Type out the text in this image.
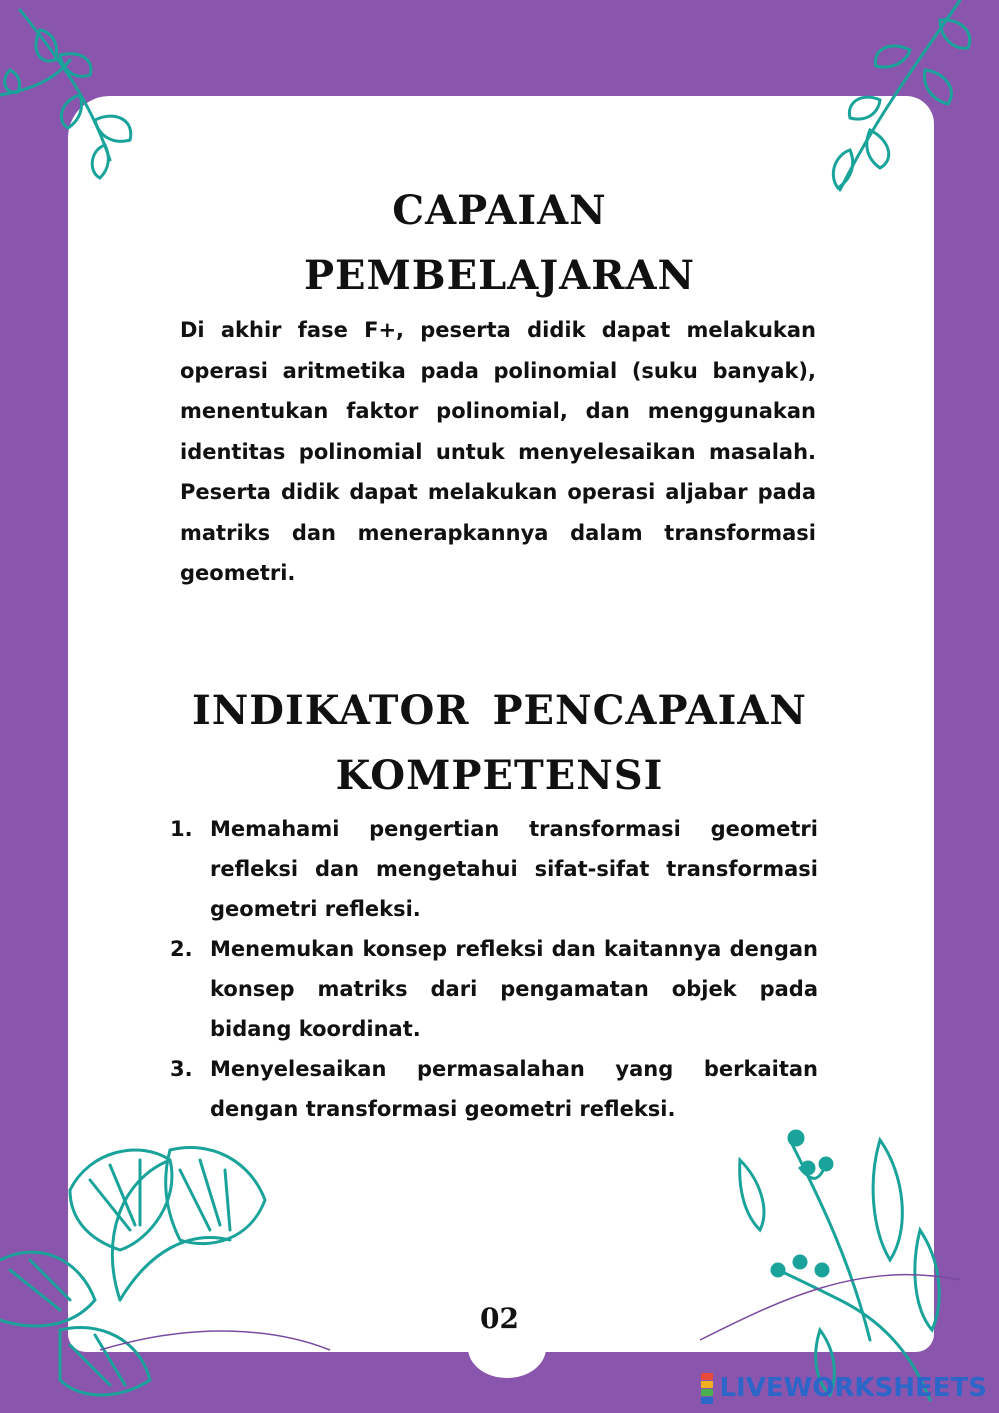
CAPAIAN
PEMBELAJARAN

Di akhir fase F+, peserta didik dapat melakukan operasi aritmetika pada polinomial (suku banyak), menentukan faktor polinomial, dan menggunakan identitas polinomial untuk menyelesaikan masalah. Peserta didik dapat melakukan operasi aljabar pada matriks dan menerapkannya dalam transformasi geometri.

INDIKATOR PENCAPAIAN
KOMPETENSI
1. Memahami pengertian transformasi geometri refleksi dan mengetahui sifat-sifat transformasi geometri refleksi.
2. Menemukan konsep refleksi dan kaitannya dengan konsep matriks dari pengamatan objek pada bidang koordinat.
3. Menyelesaikan permasalahan yang berkaitan dengan transformasi geometri refleksi.
02
LIVEWORKSHEETS
